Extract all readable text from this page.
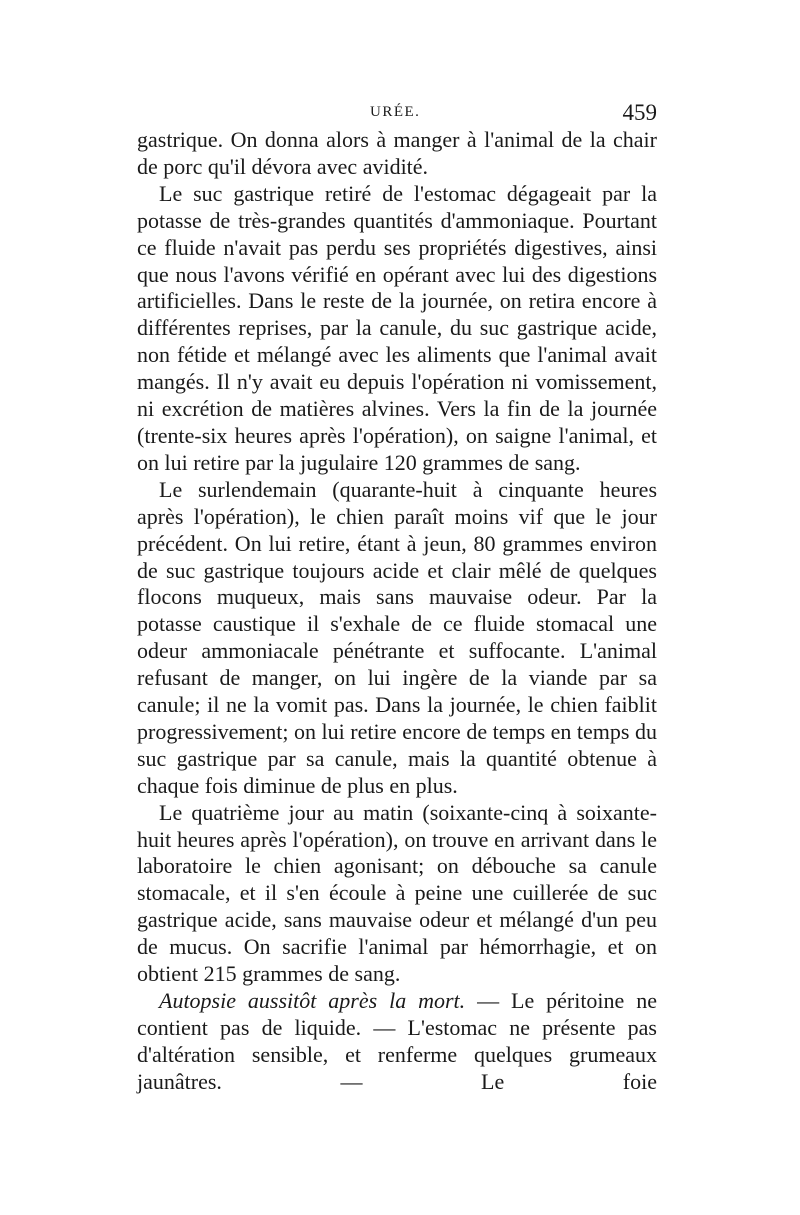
URÉE.	459

gastrique. On donna alors à manger à l'animal de la chair de porc qu'il dévora avec avidité.

Le suc gastrique retiré de l'estomac dégageait par la potasse de très-grandes quantités d'ammoniaque. Pourtant ce fluide n'avait pas perdu ses propriétés digestives, ainsi que nous l'avons vérifié en opérant avec lui des digestions artificielles. Dans le reste de la journée, on retira encore à différentes reprises, par la canule, du suc gastrique acide, non fétide et mélangé avec les aliments que l'animal avait mangés. Il n'y avait eu depuis l'opération ni vomissement, ni excrétion de matières alvines. Vers la fin de la journée (trente-six heures après l'opération), on saigne l'animal, et on lui retire par la jugulaire 120 grammes de sang.

Le surlendemain (quarante-huit à cinquante heures après l'opération), le chien paraît moins vif que le jour précédent. On lui retire, étant à jeun, 80 grammes environ de suc gastrique toujours acide et clair mêlé de quelques flocons muqueux, mais sans mauvaise odeur. Par la potasse caustique il s'exhale de ce fluide stomacal une odeur ammoniacale pénétrante et suffocante. L'animal refusant de manger, on lui ingère de la viande par sa canule; il ne la vomit pas. Dans la journée, le chien faiblit progressivement; on lui retire encore de temps en temps du suc gastrique par sa canule, mais la quantité obtenue à chaque fois diminue de plus en plus.

Le quatrième jour au matin (soixante-cinq à soixante-huit heures après l'opération), on trouve en arrivant dans le laboratoire le chien agonisant; on débouche sa canule stomacale, et il s'en écoule à peine une cuillerée de suc gastrique acide, sans mauvaise odeur et mélangé d'un peu de mucus. On sacrifie l'animal par hémorrhagie, et on obtient 215 grammes de sang.

Autopsie aussitôt après la mort. — Le péritoine ne contient pas de liquide. — L'estomac ne présente pas d'altération sensible, et renferme quelques grumeaux jaunâtres. — Le foie
